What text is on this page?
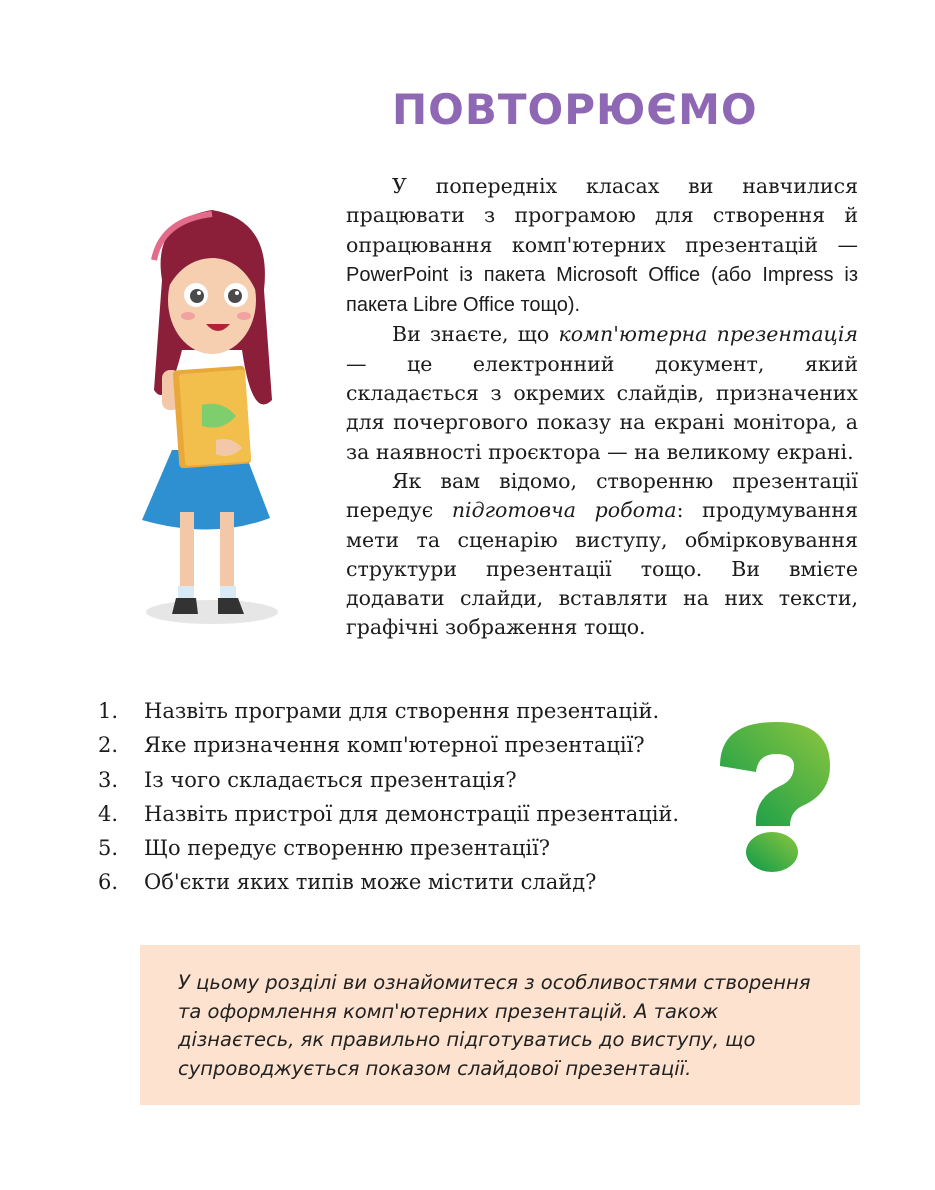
ПОВТОРЮЄМО

У попередніх класах ви навчилися працювати з програмою для створення й опрацювання комп'ютерних презентацій — PowerPoint із пакета Microsoft Office (або Impress із пакета Libre Office тощо).

Ви знаєте, що комп'ютерна презентація — це електронний документ, який складається з окремих слайдів, призначених для почергового показу на екрані монітора, а за наявності проєктора — на великому екрані.

Як вам відомо, створенню презентації передує підготовча робота: продумування мети та сценарію виступу, обмірковування структури презентації тощо. Ви вмієте додавати слайди, вставляти на них тексти, графічні зображення тощо.

1.	Назвіть програми для створення презентацій.
2.	Яке призначення комп'ютерної презентації?
3.	Із чого складається презентація?
4.	Назвіть пристрої для демонстрації презентацій.
5.	Що передує створенню презентації?
6.	Об'єкти яких типів може містити слайд?
У цьому розділі ви ознайомитеся з особливостями створення та оформлення комп'ютерних презентацій. А також дізнаєтесь, як правильно підготуватись до виступу, що супроводжується показом слайдової презентації.
